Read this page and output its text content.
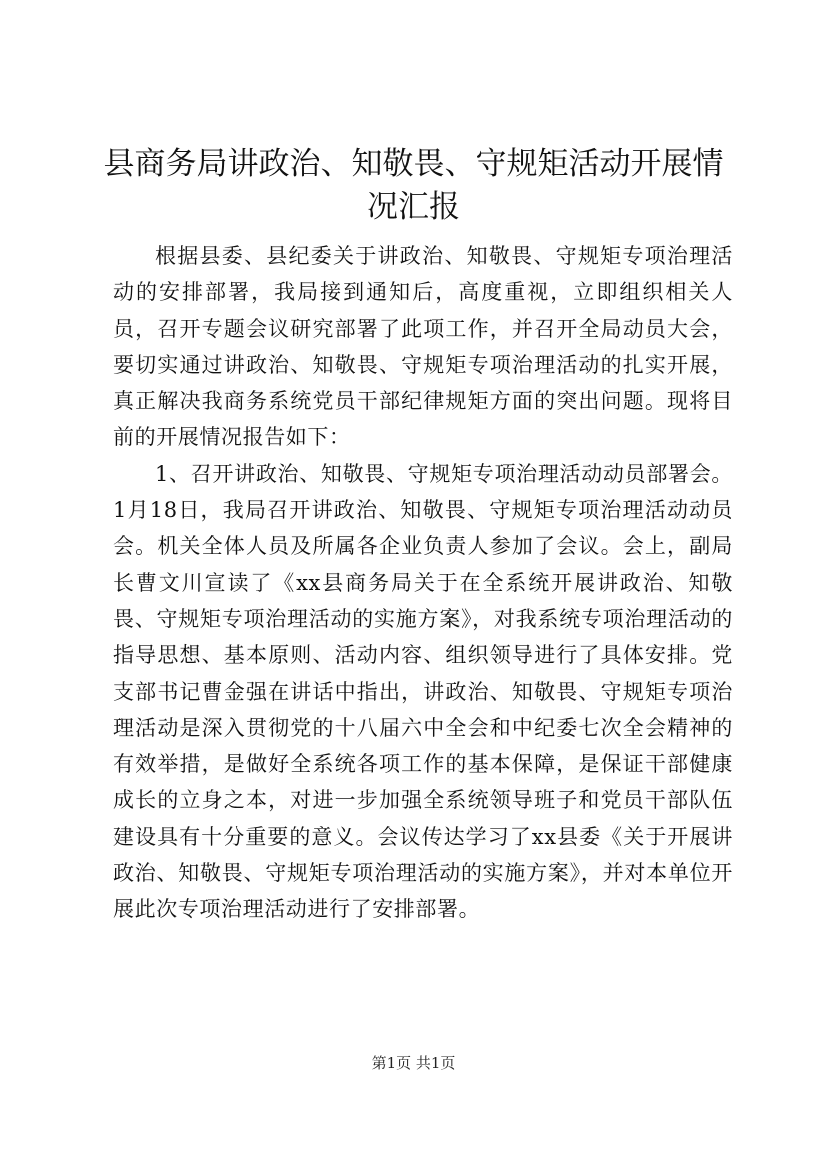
县商务局讲政治、知敬畏、守规矩活动开展情况汇报

根据县委、县纪委关于讲政治、知敬畏、守规矩专项治理活动的安排部署，我局接到通知后，高度重视，立即组织相关人员，召开专题会议研究部署了此项工作，并召开全局动员大会，要切实通过讲政治、知敬畏、守规矩专项治理活动的扎实开展，真正解决我商务系统党员干部纪律规矩方面的突出问题。现将目前的开展情况报告如下：

1、召开讲政治、知敬畏、守规矩专项治理活动动员部署会。1月18日，我局召开讲政治、知敬畏、守规矩专项治理活动动员会。机关全体人员及所属各企业负责人参加了会议。会上，副局长曹文川宣读了《xx县商务局关于在全系统开展讲政治、知敬畏、守规矩专项治理活动的实施方案》，对我系统专项治理活动的指导思想、基本原则、活动内容、组织领导进行了具体安排。党支部书记曹金强在讲话中指出，讲政治、知敬畏、守规矩专项治理活动是深入贯彻党的十八届六中全会和中纪委七次全会精神的有效举措，是做好全系统各项工作的基本保障，是保证干部健康成长的立身之本，对进一步加强全系统领导班子和党员干部队伍建设具有十分重要的意义。会议传达学习了xx县委《关于开展讲政治、知敬畏、守规矩专项治理活动的实施方案》，并对本单位开展此次专项治理活动进行了安排部署。

第1页 共1页
